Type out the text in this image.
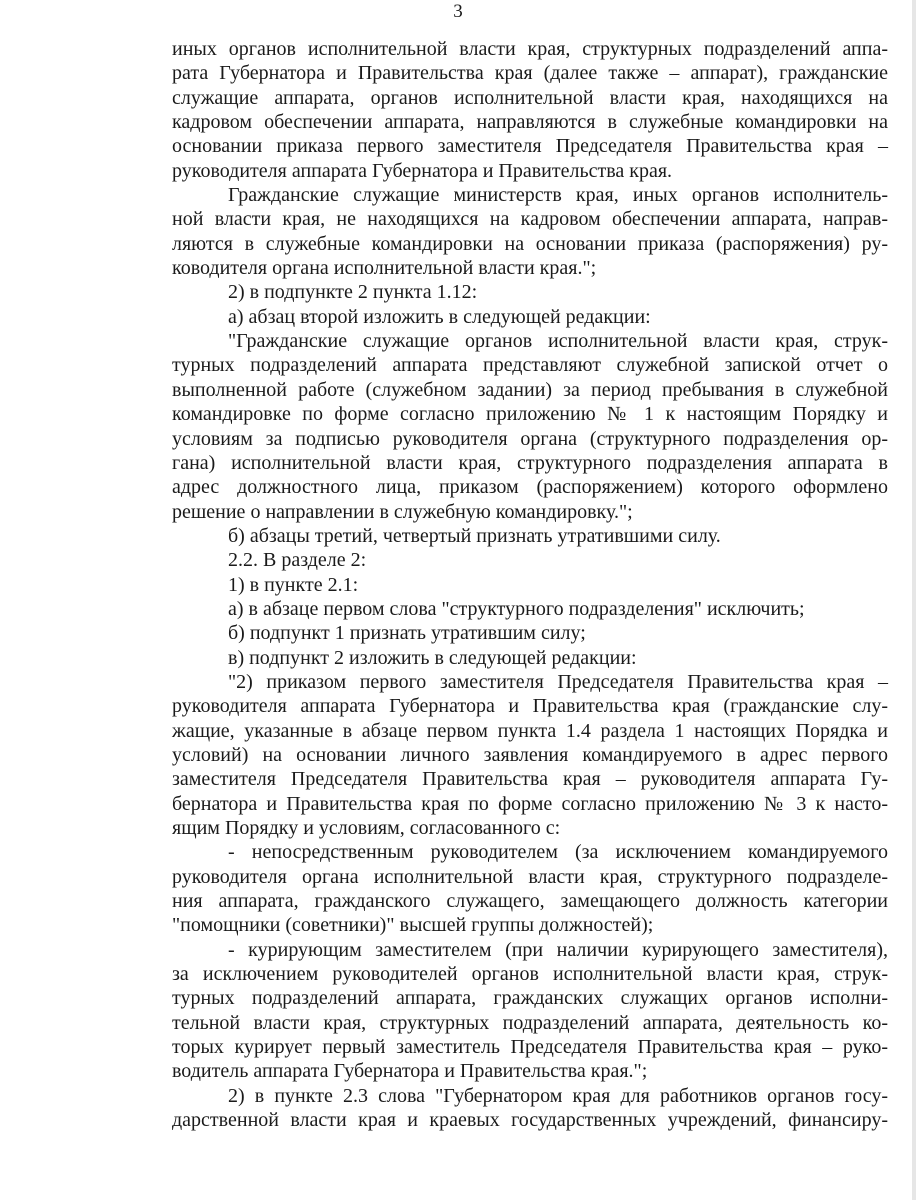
3
иных органов исполнительной власти края, структурных подразделений аппа-
рата Губернатора и Правительства края (далее также – аппарат), гражданские
служащие аппарата, органов исполнительной власти края, находящихся на
кадровом обеспечении аппарата, направляются в служебные командировки на
основании приказа первого заместителя Председателя Правительства края –
руководителя аппарата Губернатора и Правительства края.
Гражданские служащие министерств края, иных органов исполнитель-
ной власти края, не находящихся на кадровом обеспечении аппарата, направ-
ляются в служебные командировки на основании приказа (распоряжения) ру-
ководителя органа исполнительной власти края.";
2) в подпункте 2 пункта 1.12:
а) абзац второй изложить в следующей редакции:
"Гражданские служащие органов исполнительной власти края, струк-
турных подразделений аппарата представляют служебной запиской отчет о
выполненной работе (служебном задании) за период пребывания в служебной
командировке по форме согласно приложению № 1 к настоящим Порядку и
условиям за подписью руководителя органа (структурного подразделения ор-
гана) исполнительной власти края, структурного подразделения аппарата в
адрес должностного лица, приказом (распоряжением) которого оформлено
решение о направлении в служебную командировку.";
б) абзацы третий, четвертый признать утратившими силу.
2.2. В разделе 2:
1) в пункте 2.1:
а) в абзаце первом слова "структурного подразделения" исключить;
б) подпункт 1 признать утратившим силу;
в) подпункт 2 изложить в следующей редакции:
"2) приказом первого заместителя Председателя Правительства края –
руководителя аппарата Губернатора и Правительства края (гражданские слу-
жащие, указанные в абзаце первом пункта 1.4 раздела 1 настоящих Порядка и
условий) на основании личного заявления командируемого в адрес первого
заместителя Председателя Правительства края – руководителя аппарата Гу-
бернатора и Правительства края по форме согласно приложению № 3 к насто-
ящим Порядку и условиям, согласованного с:
- непосредственным руководителем (за исключением командируемого
руководителя органа исполнительной власти края, структурного подразделе-
ния аппарата, гражданского служащего, замещающего должность категории
"помощники (советники)" высшей группы должностей);
- курирующим заместителем (при наличии курирующего заместителя),
за исключением руководителей органов исполнительной власти края, струк-
турных подразделений аппарата, гражданских служащих органов исполни-
тельной власти края, структурных подразделений аппарата, деятельность ко-
торых курирует первый заместитель Председателя Правительства края – руко-
водитель аппарата Губернатора и Правительства края.";
2) в пункте 2.3 слова "Губернатором края для работников органов госу-
дарственной власти края и краевых государственных учреждений, финансиру-
